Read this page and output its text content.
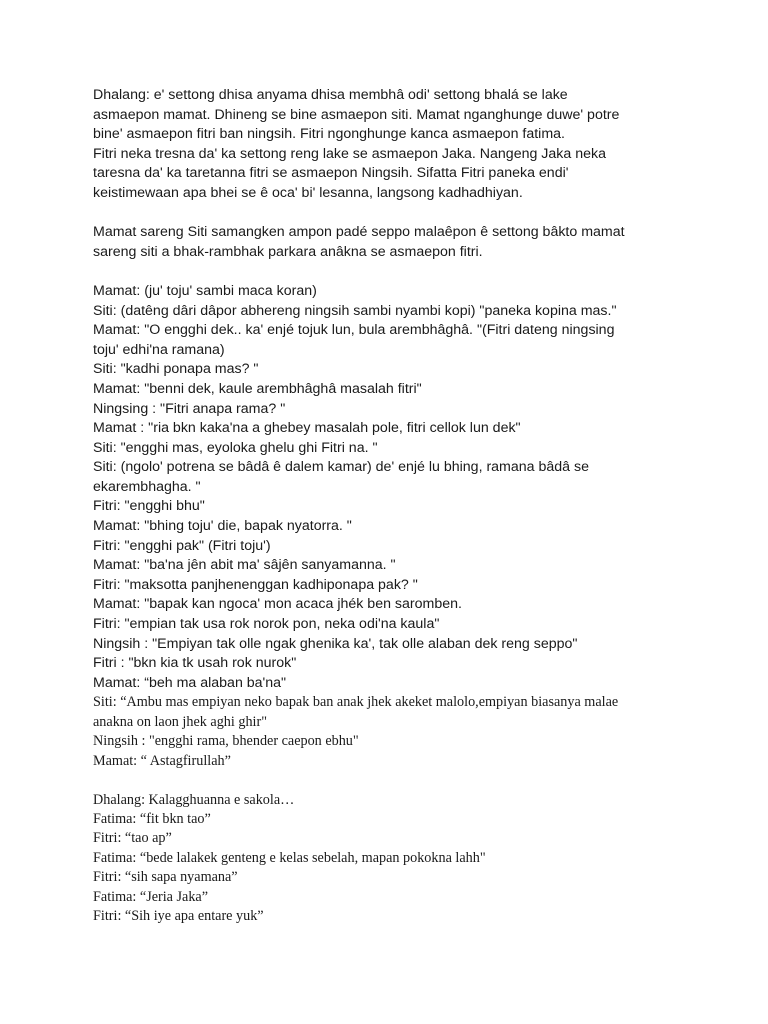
Dhalang: e' settong dhisa anyama dhisa membhâ odi' settong bhalá se lake

asmaepon mamat. Dhineng se bine asmaepon siti. Mamat nganghunge duwe' potre

bine' asmaepon fitri ban ningsih. Fitri ngonghunge kanca asmaepon fatima.

Fitri neka tresna da' ka settong reng lake se asmaepon Jaka. Nangeng Jaka neka

taresna da' ka taretanna fitri se asmaepon Ningsih. Sifatta Fitri paneka endi'

keistimewaan apa bhei se ê oca' bi' lesanna, langsong kadhadhiyan.

Mamat sareng Siti samangken ampon padé seppo malaêpon ê settong bâkto mamat

sareng siti a bhak-rambhak parkara anâkna se asmaepon fitri.

Mamat: (ju' toju' sambi maca koran)

Siti: (datêng dâri dâpor abhereng ningsih sambi nyambi kopi) "paneka kopina mas."

Mamat: "O engghi dek.. ka' enjé tojuk lun, bula arembhâghâ. "(Fitri dateng ningsing

toju' edhi'na ramana)

Siti: "kadhi ponapa mas? "

Mamat: "benni dek, kaule arembhâghâ masalah fitri"

Ningsing : "Fitri anapa rama? "

Mamat : "ria bkn kaka'na a ghebey masalah pole, fitri cellok lun dek"

Siti: "engghi mas, eyoloka ghelu ghi Fitri na. "

Siti: (ngolo' potrena se bâdâ ê dalem kamar) de' enjé lu bhing, ramana bâdâ se

ekarembhagha. "

Fitri: "engghi bhu"

Mamat: "bhing toju' die, bapak nyatorra. "

Fitri: "engghi pak" (Fitri toju')

Mamat: "ba'na jên abit ma' sâjên sanyamanna. "

Fitri: "maksotta panjhenenggan kadhiponapa pak? "

Mamat: "bapak kan ngoca' mon acaca jhék ben saromben.

Fitri: "empian tak usa rok norok pon, neka odi'na kaula"

Ningsih : "Empiyan tak olle ngak ghenika ka', tak olle alaban dek reng seppo"

Fitri : "bkn kia tk usah rok nurok"

Mamat: “beh ma alaban ba'na"

Siti: “Ambu mas empiyan neko bapak ban anak jhek akeket malolo,empiyan biasanya malae

anakna on laon jhek aghi ghir"

Ningsih : "engghi rama, bhender caepon ebhu"

Mamat: “ Astagfirullah”

Dhalang: Kalagghuanna e sakola…

Fatima: “fit bkn tao”

Fitri: “tao ap”

Fatima: “bede lalakek genteng e kelas sebelah, mapan pokokna lahh"

Fitri: “sih sapa nyamana”

Fatima: “Jeria Jaka”

Fitri: “Sih iye apa entare yuk”
